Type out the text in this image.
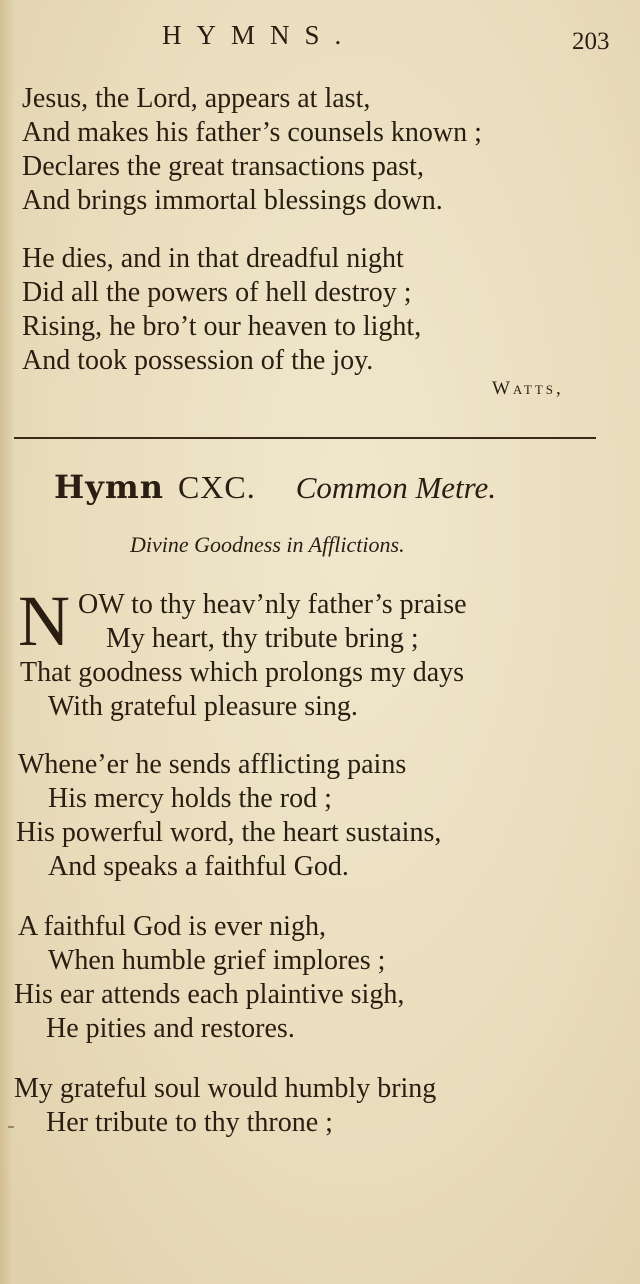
HYMNS.	203
Jesus, the Lord, appears at last,
And makes his father’s counsels known ;
Declares the great transactions past,
And brings immortal blessings down.
He dies, and in that dreadful night
Did all the powers of hell destroy ;
Rising, he bro’t our heaven to light,
And took possession of the joy.
Watts,
Hymn CXC. Common Metre.
Divine Goodness in Afflictions.
N OW to thy heav’nly father’s praise
My heart, thy tribute bring ;
That goodness which prolongs my days
With grateful pleasure sing.
Whene’er he sends afflicting pains
His mercy holds the rod ;
His powerful word, the heart sustains,
And speaks a faithful God.
A faithful God is ever nigh,
When humble grief implores ;
His ear attends each plaintive sigh,
He pities and restores.
My grateful soul would humbly bring
Her tribute to thy throne ;
